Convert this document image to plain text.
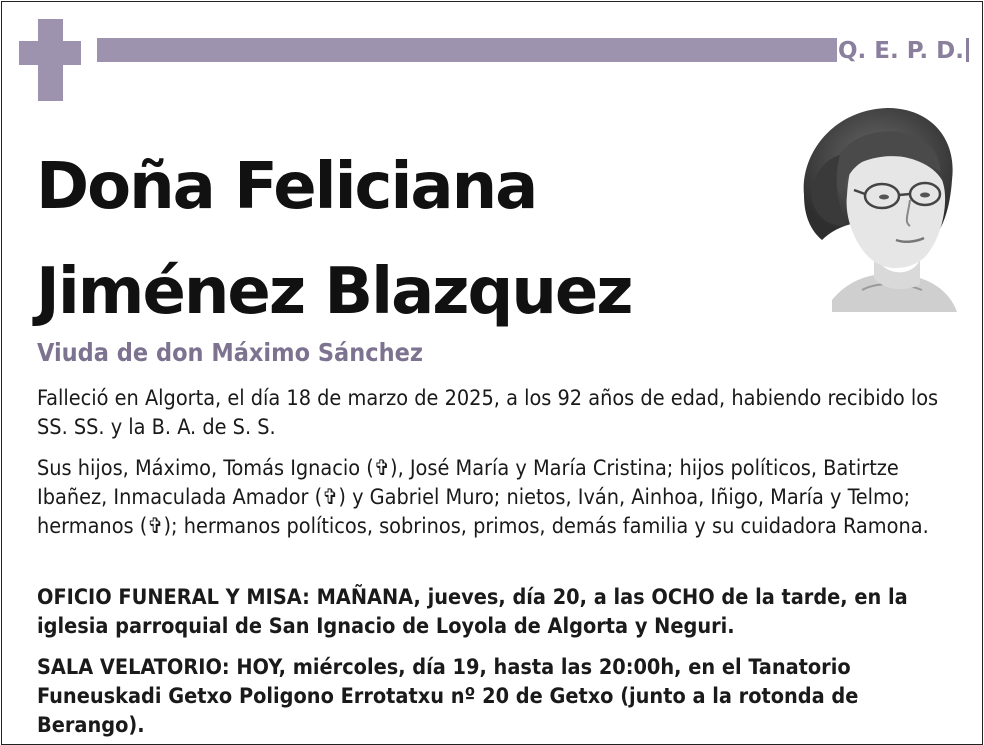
Q. E. P. D.
Doña Feliciana
Jiménez Blazquez
Viuda de don Máximo Sánchez

Falleció en Algorta, el día 18 de marzo de 2025, a los 92 años de edad, habiendo recibido los SS. SS. y la B. A. de S. S.

Sus hijos, Máximo, Tomás Ignacio (✞), José María y María Cristina; hijos políticos, Batirtze Ibañez, Inmaculada Amador (✞) y Gabriel Muro; nietos, Iván, Ainhoa, Iñigo, María y Telmo; hermanos (✞); hermanos políticos, sobrinos, primos, demás familia y su cuidadora Ramona.

OFICIO FUNERAL Y MISA: MAÑANA, jueves, día 20, a las OCHO de la tarde, en la iglesia parroquial de San Ignacio de Loyola de Algorta y Neguri.

SALA VELATORIO: HOY, miércoles, día 19, hasta las 20:00h, en el Tanatorio Funeuskadi Getxo Poligono Errotatxu nº 20 de Getxo (junto a la rotonda de Berango).
